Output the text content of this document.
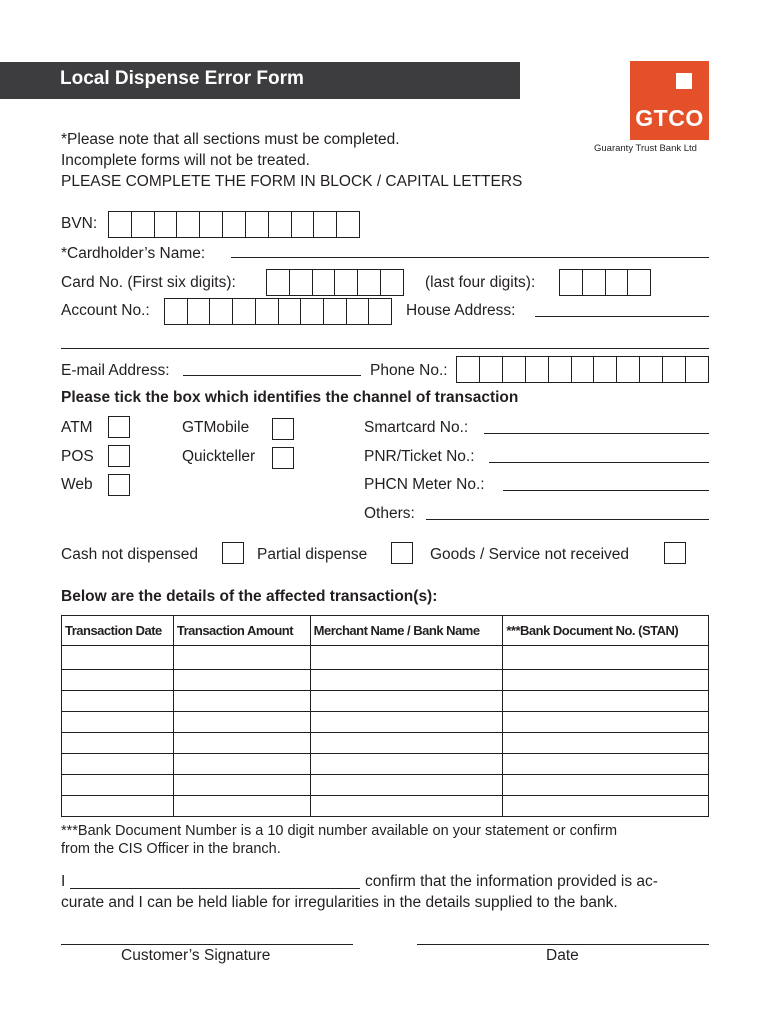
Local Dispense Error Form
GTCO
Guaranty Trust Bank Ltd
*Please note that all sections must be completed.
Incomplete forms will not be treated.
PLEASE COMPLETE THE FORM IN BLOCK / CAPITAL LETTERS
BVN:
*Cardholder’s Name:
Card No. (First six digits):	(last four digits):
Account No.:	House Address:
E-mail Address:	Phone No.:
Please tick the box which identifies the channel of transaction
ATM
POS
Web
GTMobile
Quickteller
Smartcard No.:
PNR/Ticket No.:
PHCN Meter No.:
Others:
Cash not dispensed	Partial dispense	Goods / Service not received
Below are the details of the affected transaction(s):
Transaction Date	Transaction Amount	Merchant Name / Bank Name	***Bank Document No. (STAN)

***Bank Document Number is a 10 digit number available on your statement or confirm
from the CIS Officer in the branch.
I	confirm that the information provided is ac-
curate and I can be held liable for irregularities in the details supplied to the bank.
Customer’s Signature	Date
